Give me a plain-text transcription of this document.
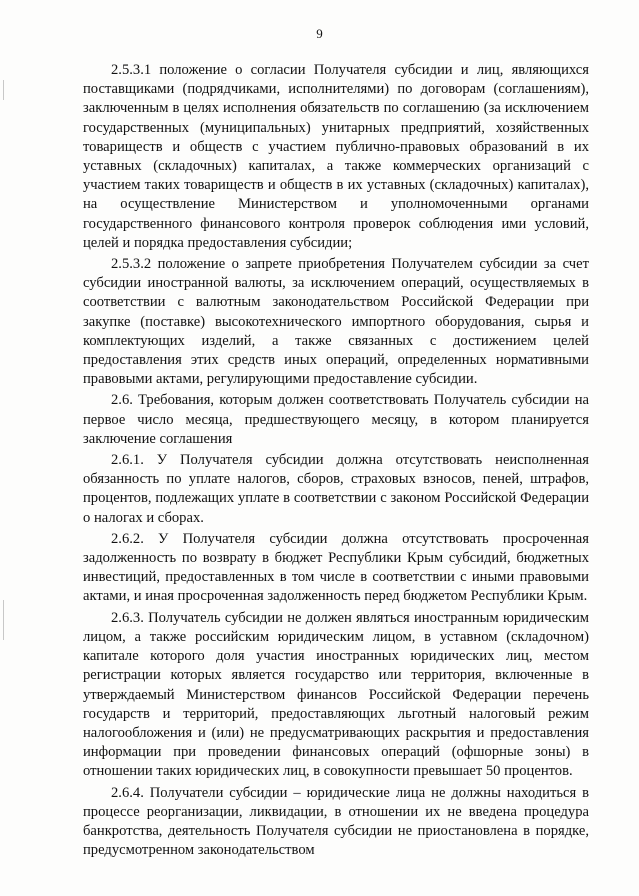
9

2.5.3.1 положение о согласии Получателя субсидии и лиц, являющихся поставщиками (подрядчиками, исполнителями) по договорам (соглашениям), заключенным в целях исполнения обязательств по соглашению (за исключением государственных (муниципальных) унитарных предприятий, хозяйственных товариществ и обществ с участием публично-правовых образований в их уставных (складочных) капиталах, а также коммерческих организаций с участием таких товариществ и обществ в их уставных (складочных) капиталах), на осуществление Министерством и уполномоченными органами государственного финансового контроля проверок соблюдения ими условий, целей и порядка предоставления субсидии;

2.5.3.2 положение о запрете приобретения Получателем субсидии за счет субсидии иностранной валюты, за исключением операций, осуществляемых в соответствии с валютным законодательством Российской Федерации при закупке (поставке) высокотехнического импортного оборудования, сырья и комплектующих изделий, а также связанных с достижением целей предоставления этих средств иных операций, определенных нормативными правовыми актами, регулирующими предоставление субсидии.

2.6. Требования, которым должен соответствовать Получатель субсидии на первое число месяца, предшествующего месяцу, в котором планируется заключение соглашения

2.6.1. У Получателя субсидии должна отсутствовать неисполненная обязанность по уплате налогов, сборов, страховых взносов, пеней, штрафов, процентов, подлежащих уплате в соответствии с законом Российской Федерации о налогах и сборах.

2.6.2. У Получателя субсидии должна отсутствовать просроченная задолженность по возврату в бюджет Республики Крым субсидий, бюджетных инвестиций, предоставленных в том числе в соответствии с иными правовыми актами, и иная просроченная задолженность перед бюджетом Республики Крым.

2.6.3. Получатель субсидии не должен являться иностранным юридическим лицом, а также российским юридическим лицом, в уставном (складочном) капитале которого доля участия иностранных юридических лиц, местом регистрации которых является государство или территория, включенные в утверждаемый Министерством финансов Российской Федерации перечень государств и территорий, предоставляющих льготный налоговый режим налогообложения и (или) не предусматривающих раскрытия и предоставления информации при проведении финансовых операций (офшорные зоны) в отношении таких юридических лиц, в совокупности превышает 50 процентов.

2.6.4. Получатели субсидии – юридические лица не должны находиться в процессе реорганизации, ликвидации, в отношении их не введена процедура банкротства, деятельность Получателя субсидии не приостановлена в порядке, предусмотренном законодательством
